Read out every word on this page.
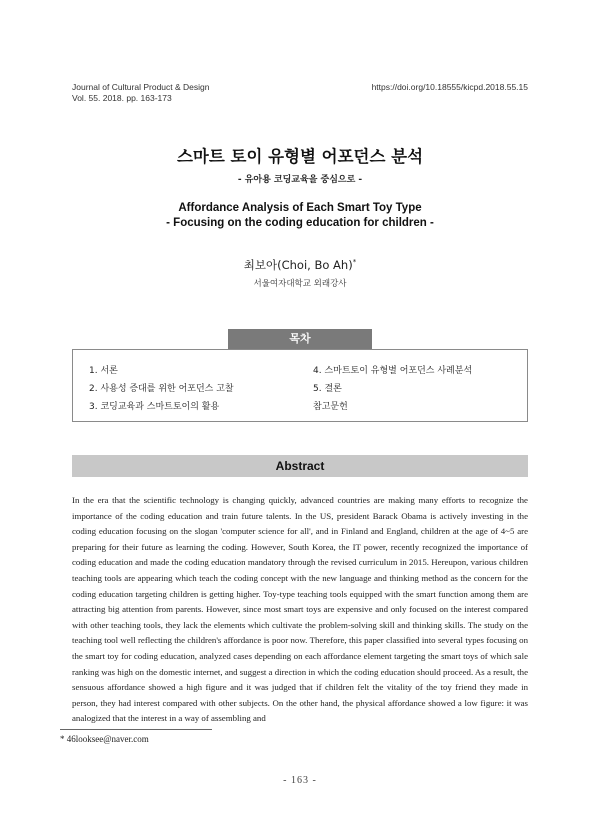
Journal of Cultural Product & Design
Vol. 55. 2018. pp. 163-173
https://doi.org/10.18555/kicpd.2018.55.15
스마트 토이 유형별 어포던스 분석
- 유아용 코딩교육을 중심으로 -
Affordance Analysis of Each Smart Toy Type
- Focusing on the coding education for children -
최보아(Choi, Bo Ah)*
서울여자대학교 외래강사
목차
1. 서론
2. 사용성 증대를 위한 어포던스 고찰
3. 코딩교육과 스마트토이의 활용
4. 스마트토이 유형별 어포던스 사례분석
5. 결론
참고문헌
Abstract
In the era that the scientific technology is changing quickly, advanced countries are making many efforts to recognize the importance of the coding education and train future talents. In the US, president Barack Obama is actively investing in the coding education focusing on the slogan 'computer science for all', and in Finland and England, children at the age of 4~5 are preparing for their future as learning the coding. However, South Korea, the IT power, recently recognized the importance of coding education and made the coding education mandatory through the revised curriculum in 2015. Hereupon, various children teaching tools are appearing which teach the coding concept with the new language and thinking method as the concern for the coding education targeting children is getting higher. Toy-type teaching tools equipped with the smart function among them are attracting big attention from parents. However, since most smart toys are expensive and only focused on the interest compared with other teaching tools, they lack the elements which cultivate the problem-solving skill and thinking skills. The study on the teaching tool well reflecting the children's affordance is poor now. Therefore, this paper classified into several types focusing on the smart toy for coding education, analyzed cases depending on each affordance element targeting the smart toys of which sale ranking was high on the domestic internet, and suggest a direction in which the coding education should proceed. As a result, the sensuous affordance showed a high figure and it was judged that if children felt the vitality of the toy friend they made in person, they had interest compared with other subjects. On the other hand, the physical affordance showed a low figure: it was analogized that the interest in a way of assembling and
* 46looksee@naver.com
- 163 -
